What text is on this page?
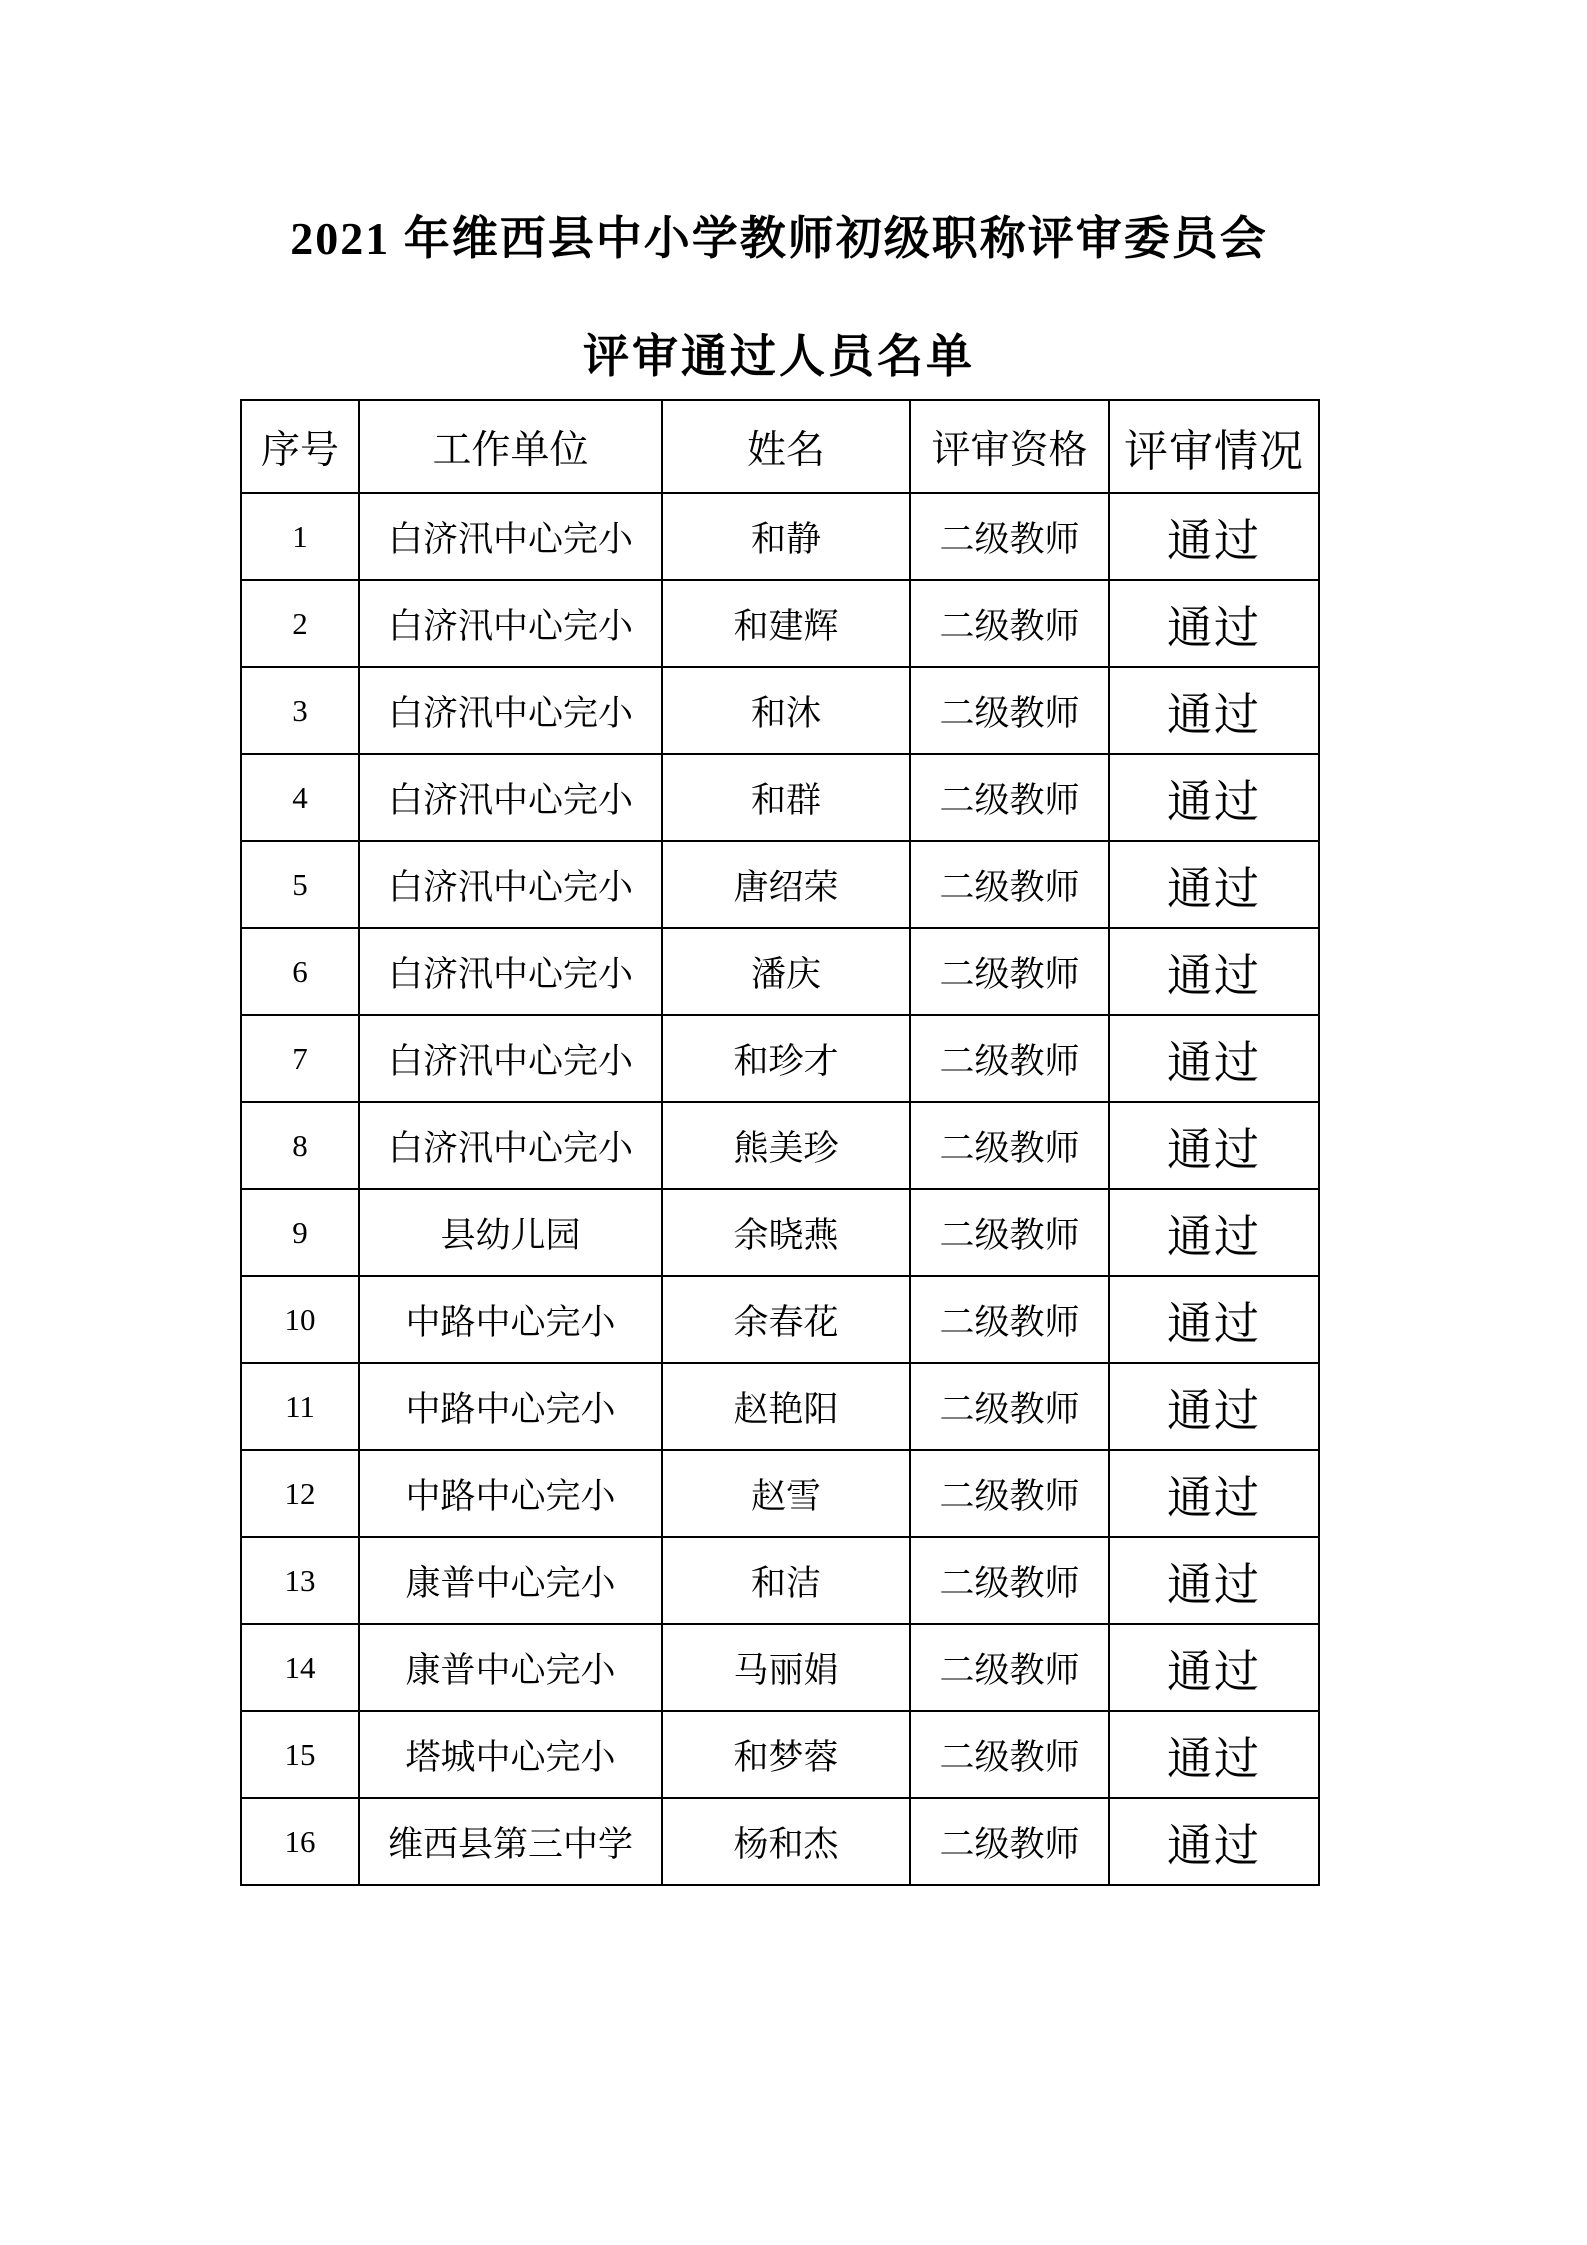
2021 年维西县中小学教师初级职称评审委员会
评审通过人员名单
序号	工作单位	姓名	评审资格	评审情况
1	白济汛中心完小	和静	二级教师	通过
2	白济汛中心完小	和建辉	二级教师	通过
3	白济汛中心完小	和沐	二级教师	通过
4	白济汛中心完小	和群	二级教师	通过
5	白济汛中心完小	唐绍荣	二级教师	通过
6	白济汛中心完小	潘庆	二级教师	通过
7	白济汛中心完小	和珍才	二级教师	通过
8	白济汛中心完小	熊美珍	二级教师	通过
9	县幼儿园	余晓燕	二级教师	通过
10	中路中心完小	余春花	二级教师	通过
11	中路中心完小	赵艳阳	二级教师	通过
12	中路中心完小	赵雪	二级教师	通过
13	康普中心完小	和洁	二级教师	通过
14	康普中心完小	马丽娟	二级教师	通过
15	塔城中心完小	和梦蓉	二级教师	通过
16	维西县第三中学	杨和杰	二级教师	通过
